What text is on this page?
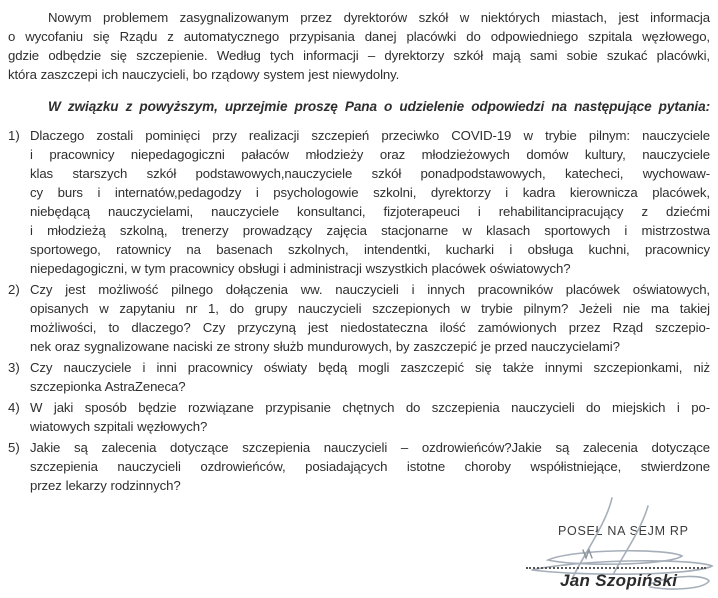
Nowym problemem zasygnalizowanym przez dyrektorów szkół w niektórych miastach, jest informacja
o wycofaniu się Rządu z automatycznego przypisania danej placówki do odpowiedniego szpitala węzłowego,
gdzie odbędzie się szczepienie. Według tych informacji – dyrektorzy szkół mają sami sobie szukać placówki,
która zaszczepi ich nauczycieli, bo rządowy system jest niewydolny.
W związku z powyższym, uprzejmie proszę Pana o udzielenie odpowiedzi na następujące pytania:
1) Dlaczego zostali pominięci przy realizacji szczepień przeciwko COVID-19 w trybie pilnym: nauczyciele
i pracownicy niepedagogiczni pałaców młodzieży oraz młodzieżowych domów kultury, nauczyciele
klas starszych szkół podstawowych,nauczyciele szkół ponadpodstawowych, katecheci, wychowaw-
cy burs i internatów,pedagodzy i psychologowie szkolni, dyrektorzy i kadra kierownicza placówek,
niebędącą nauczycielami, nauczyciele konsultanci, fizjoterapeuci i rehabilitancipracujący z dziećmi
i młodzieżą szkolną, trenerzy prowadzący zajęcia stacjonarne w klasach sportowych i mistrzostwa
sportowego, ratownicy na basenach szkolnych, intendentki, kucharki i obsługa kuchni, pracownicy
niepedagogiczni, w tym pracownicy obsługi i administracji wszystkich placówek oświatowych?
2) Czy jest możliwość pilnego dołączenia ww. nauczycieli i innych pracowników placówek oświatowych,
opisanych w zapytaniu nr 1, do grupy nauczycieli szczepionych w trybie pilnym? Jeżeli nie ma takiej
możliwości, to dlaczego? Czy przyczyną jest niedostateczna ilość zamówionych przez Rząd szczepio-
nek oraz sygnalizowane naciski ze strony służb mundurowych, by zaszczepić je przed nauczycielami?
3) Czy nauczyciele i inni pracownicy oświaty będą mogli zaszczepić się także innymi szczepionkami, niż
szczepionka AstraZeneca?
4) W jaki sposób będzie rozwiązane przypisanie chętnych do szczepienia nauczycieli do miejskich i po-
wiatowych szpitali węzłowych?
5) Jakie są zalecenia dotyczące szczepienia nauczycieli – ozdrowieńców?Jakie są zalecenia dotyczące
szczepienia nauczycieli ozdrowieńców, posiadających istotne choroby współistniejące, stwierdzone
przez lekarzy rodzinnych?
POSEŁ NA SEJM RP
Jan Szopiński
